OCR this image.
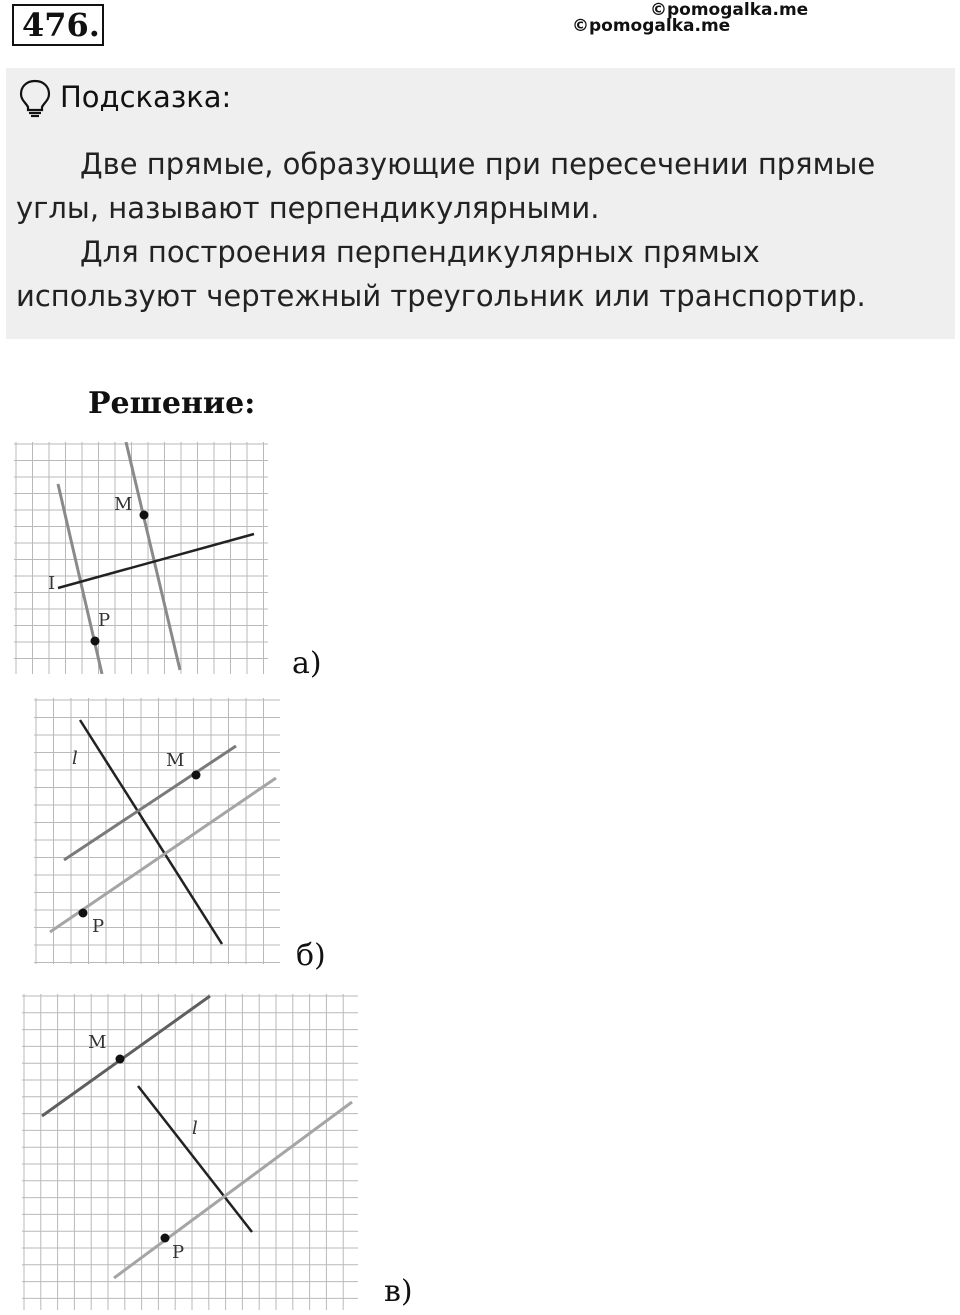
476.	©pomogalka.me
©pomogalka.me
Подсказка:
Две прямые, образующие при пересечении прямые углы, называют перпендикулярными.
Для построения перпендикулярных прямых используют чертежный треугольник или транспортир.
Решение:
M
P
I
а)
M
P
l
б)
M
P
l
в)
